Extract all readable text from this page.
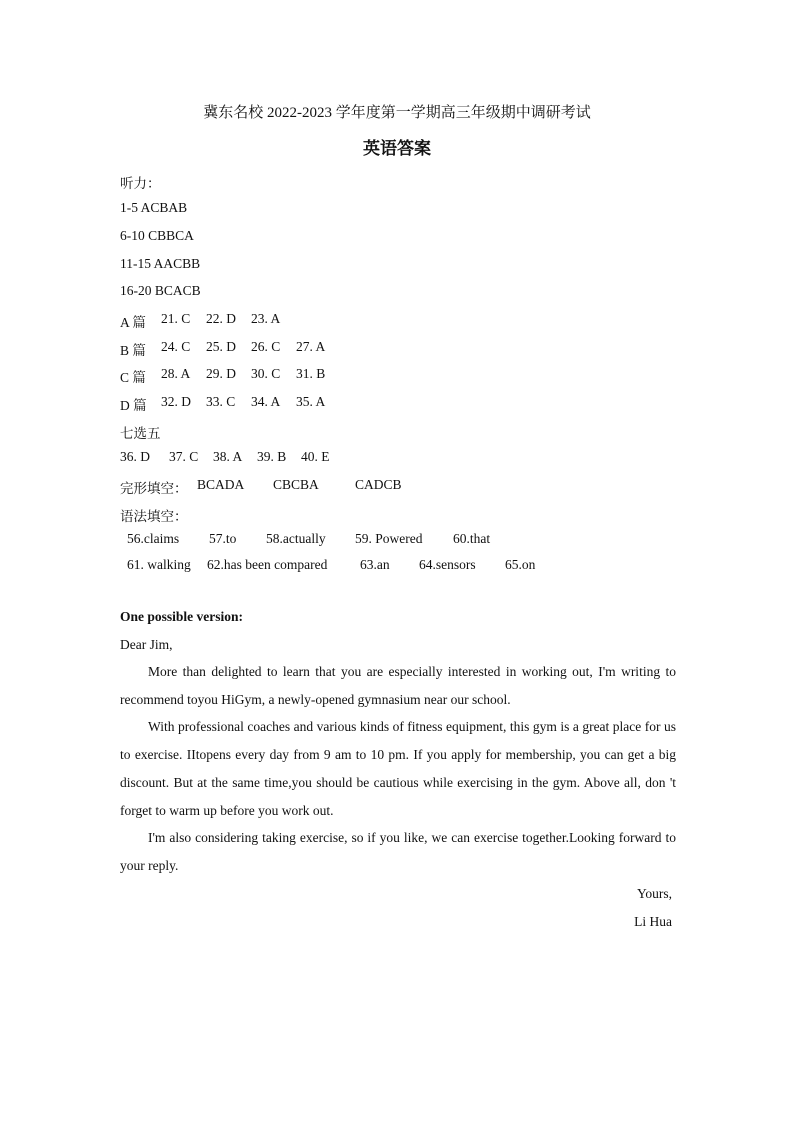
冀东名校 2022-2023 学年度第一学期高三年级期中调研考试
英语答案
听力：
1-5 ACBAB
6-10 CBBCA
11-15 AACBB
16-20 BCACB
A 篇 21. C 22. D 23. A
B 篇 24. C 25. D 26. C 27. A
C 篇 28. A 29. D 30. C 31. B
D 篇 32. D 33. C 34. A 35. A
七选五
36. D 37. C 38. A 39. B 40. E
完形填空： BCADA CBCBA	CADCB
语法填空：
56.claims 57.to 58.actually 59. Powered 60.that
61. walking 62.has been compared 63.an 64.sensors 65.on
One possible version:
Dear Jim,

More than delighted to learn that you are especially interested in working out, I'm writing to recommend toyou HiGym, a newly-opened gymnasium near our school.

With professional coaches and various kinds of fitness equipment, this gym is a great place for us to exercise. IItopens every day from 9 am to 10 pm. If you apply for membership, you can get a big discount. But at the same time,you should be cautious while exercising in the gym. Above all, don 't forget to warm up before you work out.

I'm also considering taking exercise, so if you like, we can exercise together.Looking forward to your reply.

Yours,
Li Hua
